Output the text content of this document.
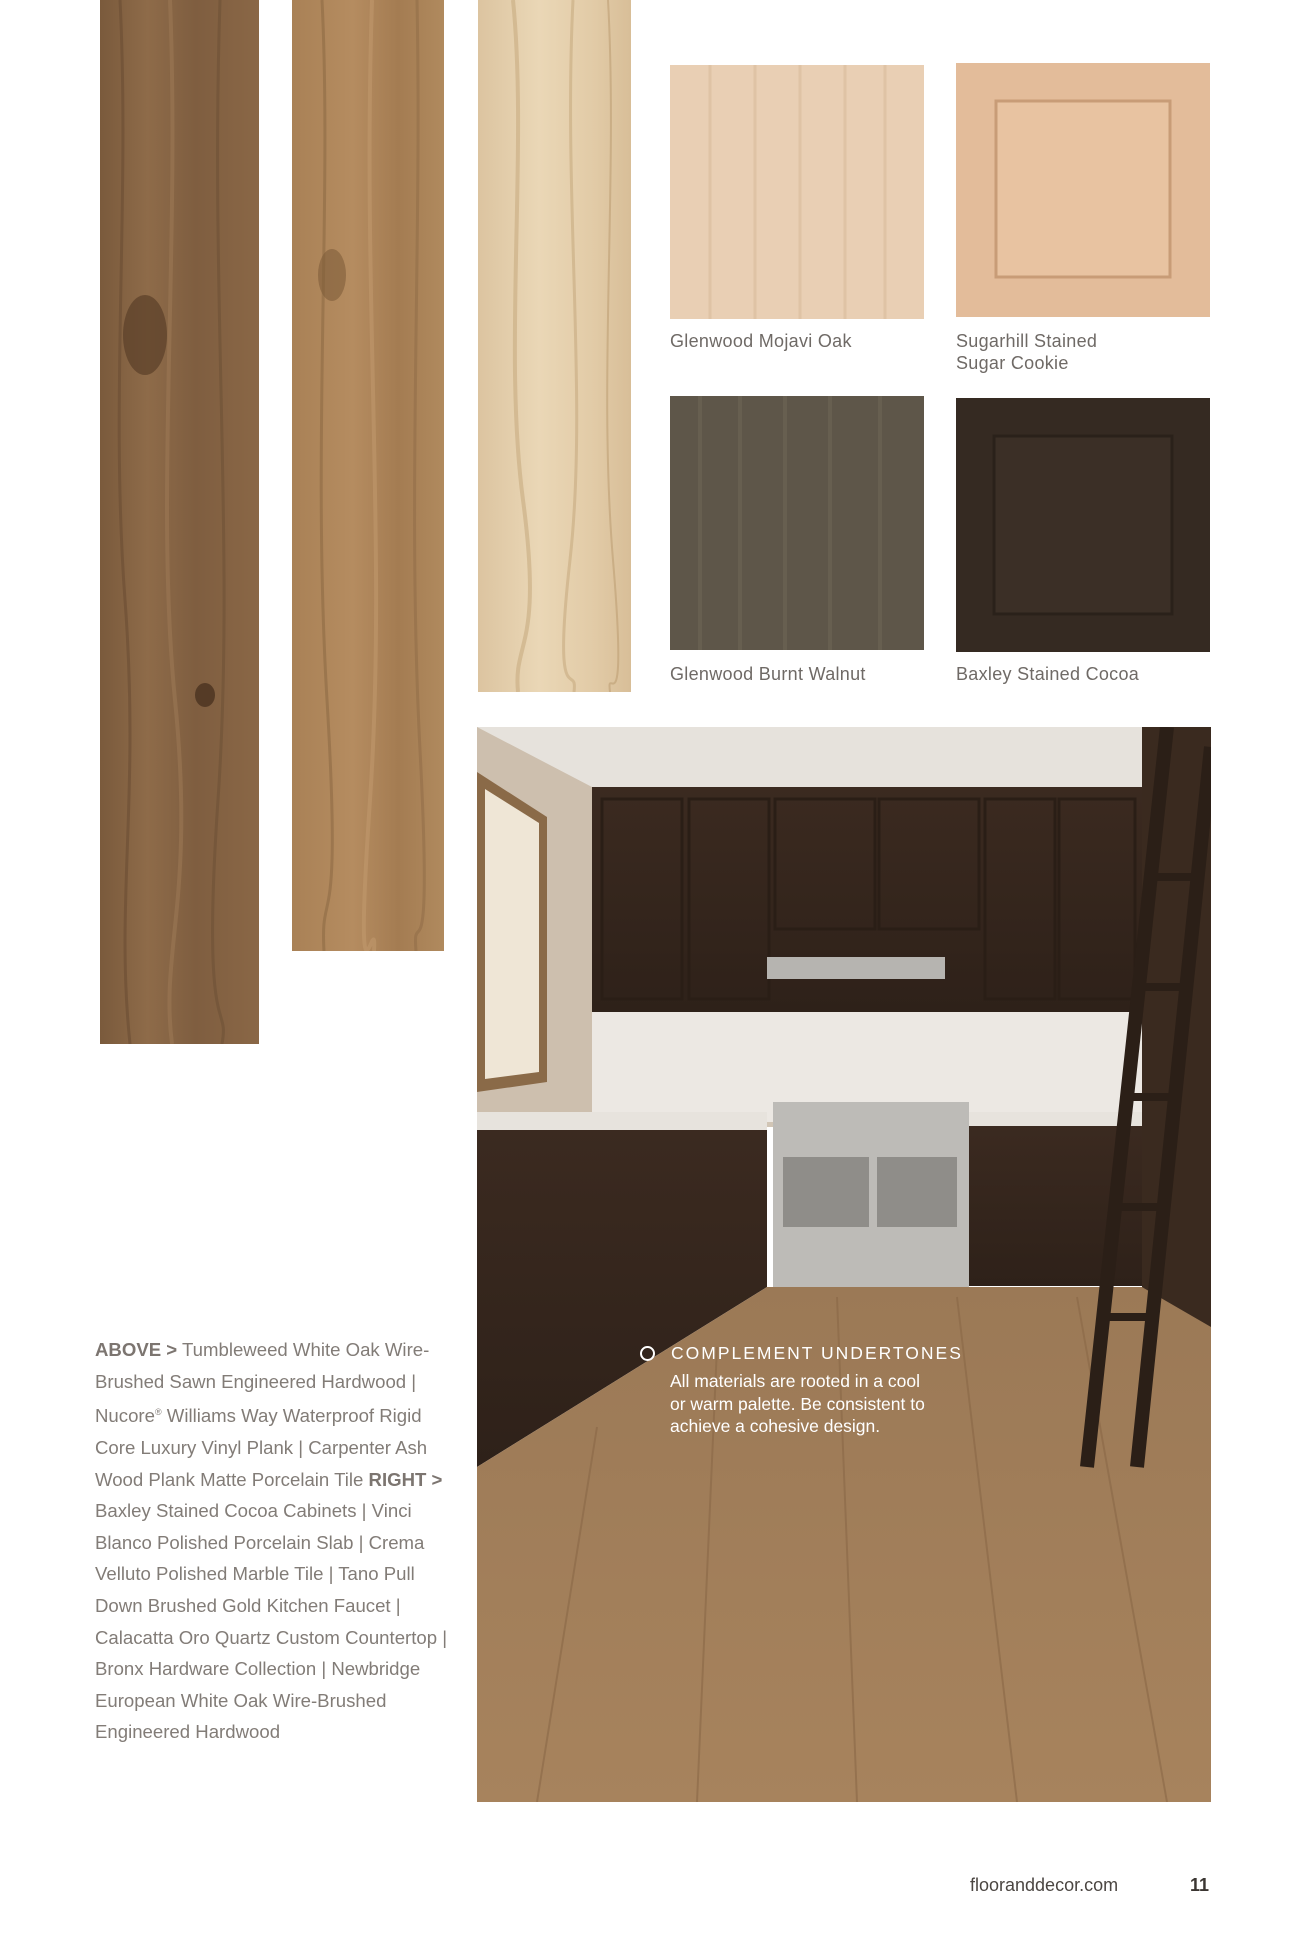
Glenwood Mojavi Oak	Sugarhill Stained
Sugar Cookie
Glenwood Burnt Walnut	Baxley Stained Cocoa
COMPLEMENT UNDERTONES
All materials are rooted in a cool
or warm palette. Be consistent to
achieve a cohesive design.
ABOVE > Tumbleweed White Oak Wire-Brushed Sawn Engineered Hardwood | Nucore® Williams Way Waterproof Rigid Core Luxury Vinyl Plank | Carpenter Ash Wood Plank Matte Porcelain Tile RIGHT > Baxley Stained Cocoa Cabinets | Vinci Blanco Polished Porcelain Slab | Crema Velluto Polished Marble Tile | Tano Pull Down Brushed Gold Kitchen Faucet | Calacatta Oro Quartz Custom Countertop | Bronx Hardware Collection | Newbridge European White Oak Wire-Brushed Engineered Hardwood
flooranddecor.com	11
